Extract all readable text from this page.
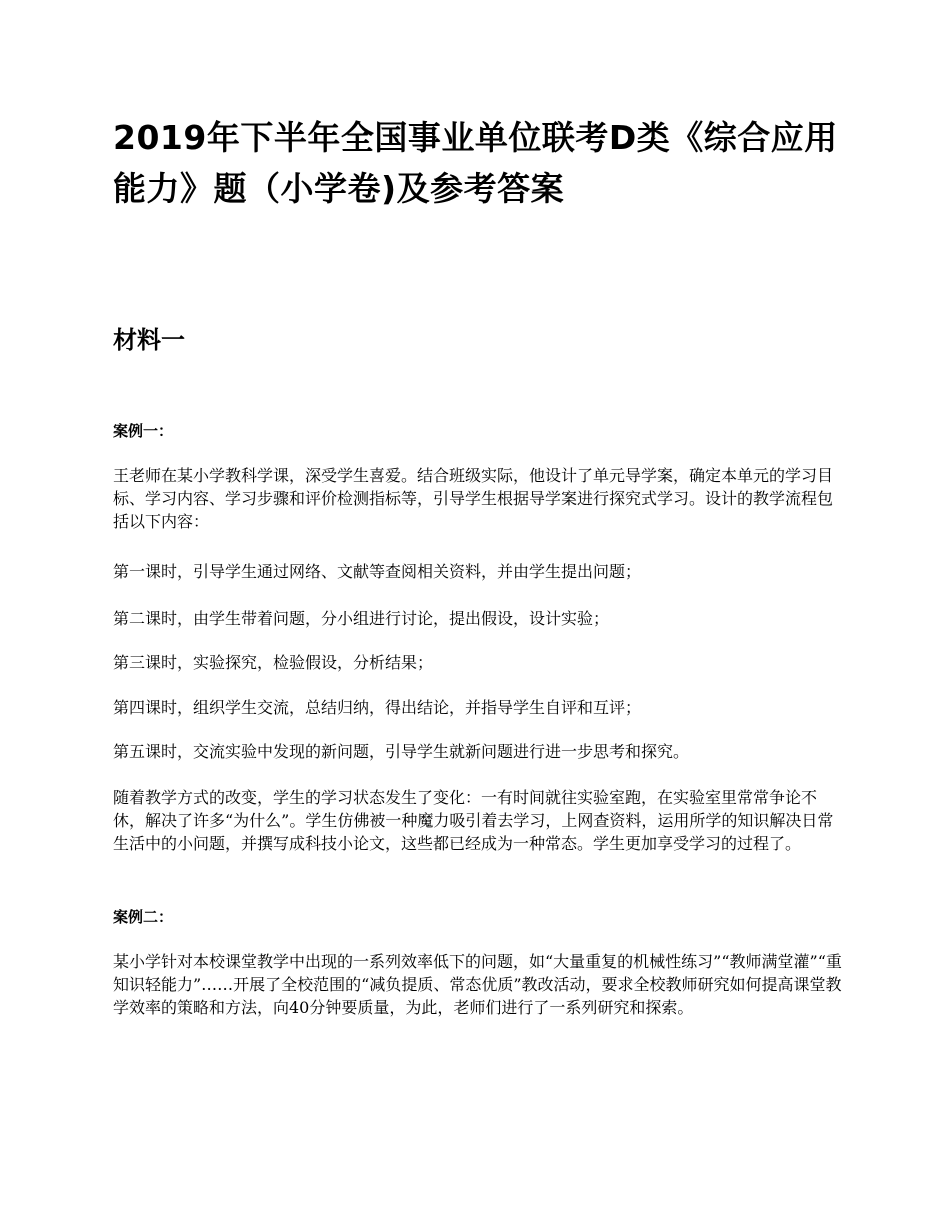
2019年下半年全国事业单位联考D类《综合应用能力》题（小学卷)及参考答案
材料一
案例一：

王老师在某小学教科学课，深受学生喜爱。结合班级实际，他设计了单元导学案，确定本单元的学习目标、学习内容、学习步骤和评价检测指标等，引导学生根据导学案进行探究式学习。设计的教学流程包括以下内容：

第一课时，引导学生通过网络、文献等查阅相关资料，并由学生提出问题；

第二课时，由学生带着问题，分小组进行讨论，提出假设，设计实验；

第三课时，实验探究，检验假设，分析结果；

第四课时，组织学生交流，总结归纳，得出结论，并指导学生自评和互评；

第五课时，交流实验中发现的新问题，引导学生就新问题进行进一步思考和探究。

随着教学方式的改变，学生的学习状态发生了变化：一有时间就往实验室跑，在实验室里常常争论不休，解决了许多“为什么”。学生仿佛被一种魔力吸引着去学习，上网查资料，运用所学的知识解决日常生活中的小问题，并撰写成科技小论文，这些都已经成为一种常态。学生更加享受学习的过程了。

案例二：

某小学针对本校课堂教学中出现的一系列效率低下的问题，如“大量重复的机械性练习”“教师满堂灌”“重知识轻能力”……开展了全校范围的“减负提质、常态优质”教改活动，要求全校教师研究如何提高课堂教学效率的策略和方法，向40分钟要质量，为此，老师们进行了一系列研究和探索。
